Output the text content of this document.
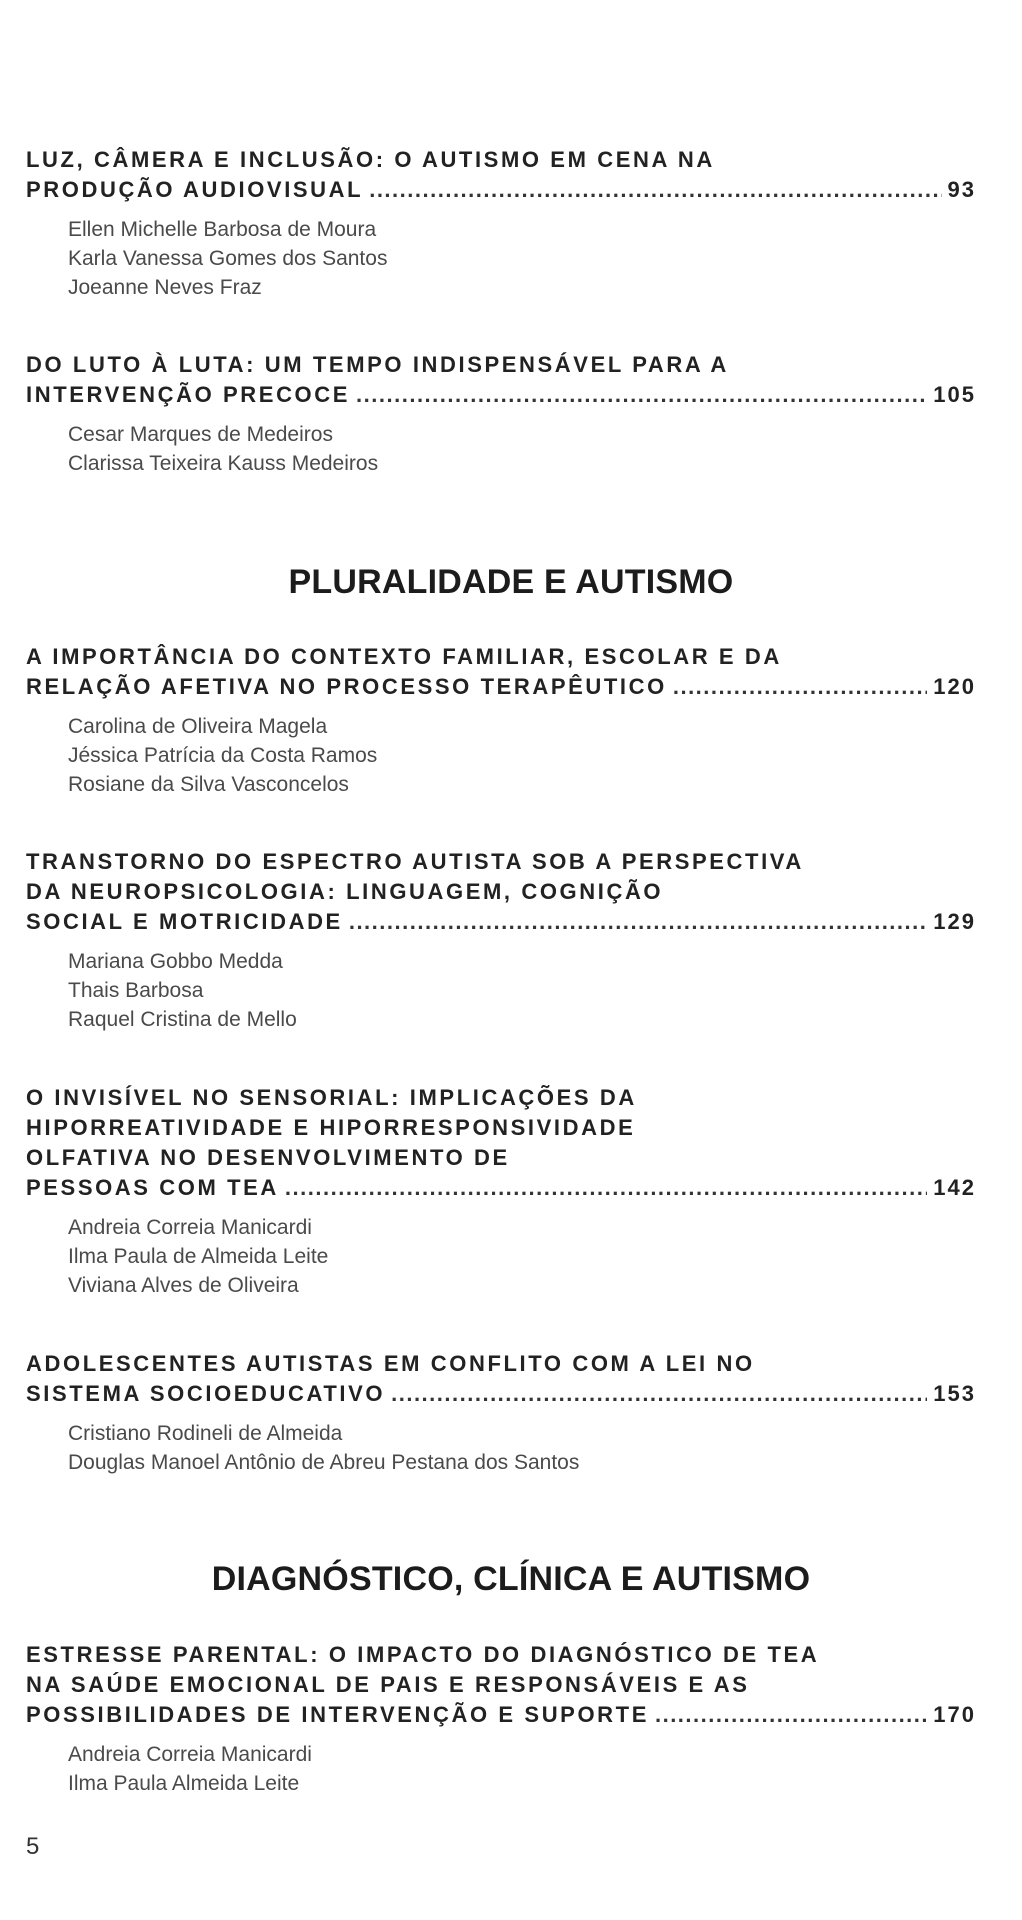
LUZ, CÂMERA E INCLUSÃO: O AUTISMO EM CENA NA
PRODUÇÃO AUDIOVISUAL .....	93
Ellen Michelle Barbosa de Moura
Karla Vanessa Gomes dos Santos
Joeanne Neves Fraz
DO LUTO À LUTA: UM TEMPO INDISPENSÁVEL PARA A
INTERVENÇÃO PRECOCE .....	105
Cesar Marques de Medeiros
Clarissa Teixeira Kauss Medeiros
PLURALIDADE E AUTISMO
A IMPORTÂNCIA DO CONTEXTO FAMILIAR, ESCOLAR E DA
RELAÇÃO AFETIVA NO PROCESSO TERAPÊUTICO .....	120
Carolina de Oliveira Magela
Jéssica Patrícia da Costa Ramos
Rosiane da Silva Vasconcelos
TRANSTORNO DO ESPECTRO AUTISTA SOB A PERSPECTIVA
DA NEUROPSICOLOGIA: LINGUAGEM, COGNIÇÃO
SOCIAL E MOTRICIDADE .....	129
Mariana Gobbo Medda
Thais Barbosa
Raquel Cristina de Mello
O INVISÍVEL NO SENSORIAL: IMPLICAÇÕES DA
HIPORREATIVIDADE E HIPORRESPONSIVIDADE
OLFATIVA NO DESENVOLVIMENTO DE
PESSOAS COM TEA .....	142
Andreia Correia Manicardi
Ilma Paula de Almeida Leite
Viviana Alves de Oliveira
ADOLESCENTES AUTISTAS EM CONFLITO COM A LEI NO
SISTEMA SOCIOEDUCATIVO .....	153
Cristiano Rodineli de Almeida
Douglas Manoel Antônio de Abreu Pestana dos Santos
DIAGNÓSTICO, CLÍNICA E AUTISMO
ESTRESSE PARENTAL: O IMPACTO DO DIAGNÓSTICO DE TEA
NA SAÚDE EMOCIONAL DE PAIS E RESPONSÁVEIS E AS
POSSIBILIDADES DE INTERVENÇÃO E SUPORTE .....	170
Andreia Correia Manicardi
Ilma Paula Almeida Leite
5
